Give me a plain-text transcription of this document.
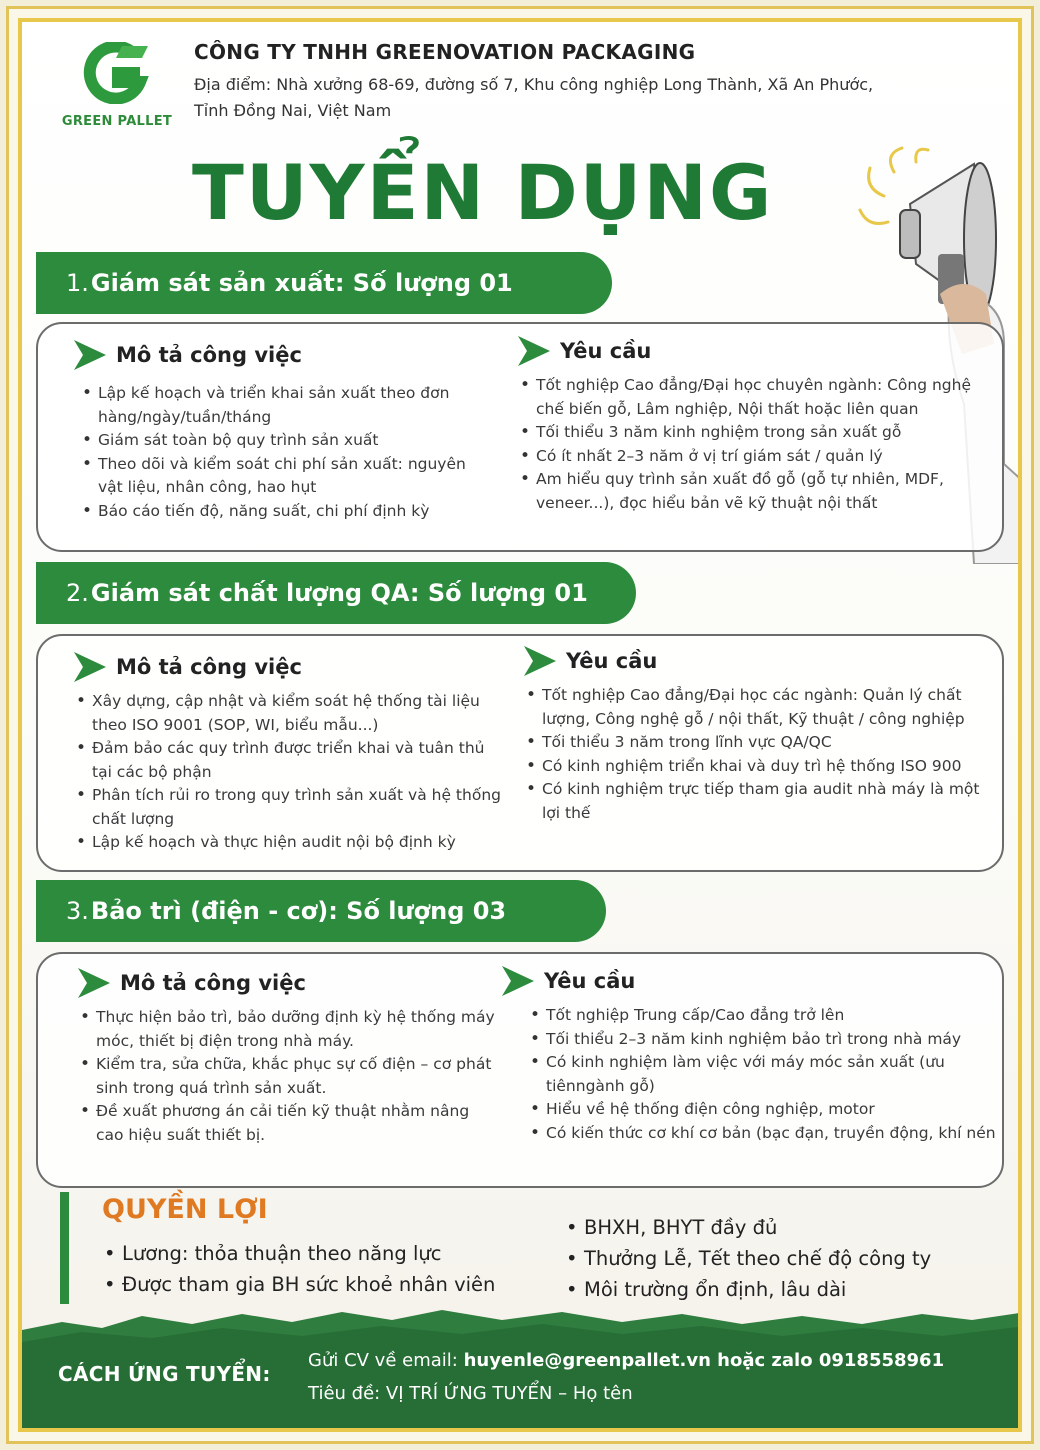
GREEN PALLET
CÔNG TY TNHH GREENOVATION PACKAGING
Địa điểm: Nhà xưởng 68-69, đường số 7, Khu công nghiệp Long Thành, Xã An Phước,
Tỉnh Đồng Nai, Việt Nam
TUYỂN DỤNG
1. Giám sát sản xuất: Số lượng 01
Mô tả công việc
• Lập kế hoạch và triển khai sản xuất theo đơn hàng/ngày/tuần/tháng
• Giám sát toàn bộ quy trình sản xuất
• Theo dõi và kiểm soát chi phí sản xuất: nguyên vật liệu, nhân công, hao hụt
• Báo cáo tiến độ, năng suất, chi phí định kỳ
Yêu cầu
• Tốt nghiệp Cao đẳng/Đại học chuyên ngành: Công nghệ chế biến gỗ, Lâm nghiệp, Nội thất hoặc liên quan
• Tối thiểu 3 năm kinh nghiệm trong sản xuất gỗ
• Có ít nhất 2–3 năm ở vị trí giám sát / quản lý
• Am hiểu quy trình sản xuất đồ gỗ (gỗ tự nhiên, MDF, veneer...), đọc hiểu bản vẽ kỹ thuật nội thất
2. Giám sát chất lượng QA: Số lượng 01
Mô tả công việc
• Xây dựng, cập nhật và kiểm soát hệ thống tài liệu theo ISO 9001 (SOP, WI, biểu mẫu...)
• Đảm bảo các quy trình được triển khai và tuân thủ tại các bộ phận
• Phân tích rủi ro trong quy trình sản xuất và hệ thống chất lượng
• Lập kế hoạch và thực hiện audit nội bộ định kỳ
Yêu cầu
• Tốt nghiệp Cao đẳng/Đại học các ngành: Quản lý chất lượng, Công nghệ gỗ / nội thất, Kỹ thuật / công nghiệp
• Tối thiểu 3 năm trong lĩnh vực QA/QC
• Có kinh nghiệm triển khai và duy trì hệ thống ISO 900
• Có kinh nghiệm trực tiếp tham gia audit nhà máy là một lợi thế
3. Bảo trì (điện - cơ): Số lượng 03
Mô tả công việc
• Thực hiện bảo trì, bảo dưỡng định kỳ hệ thống máy móc, thiết bị điện trong nhà máy.
• Kiểm tra, sửa chữa, khắc phục sự cố điện – cơ phát sinh trong quá trình sản xuất.
• Đề xuất phương án cải tiến kỹ thuật nhằm nâng cao hiệu suất thiết bị.
Yêu cầu
• Tốt nghiệp Trung cấp/Cao đẳng trở lên
• Tối thiểu 2–3 năm kinh nghiệm bảo trì trong nhà máy
• Có kinh nghiệm làm việc với máy móc sản xuất (ưu tiênngành gỗ)
• Hiểu về hệ thống điện công nghiệp, motor
• Có kiến thức cơ khí cơ bản (bạc đạn, truyền động, khí nén
QUYỀN LỢI
• Lương: thỏa thuận theo năng lực
• Được tham gia BH sức khoẻ nhân viên
• BHXH, BHYT đầy đủ
• Thưởng Lễ, Tết theo chế độ công ty
• Môi trường ổn định, lâu dài
CÁCH ỨNG TUYỂN:
Gửi CV về email: huyenle@greenpallet.vn hoặc zalo 0918558961
Tiêu đề: VỊ TRÍ ỨNG TUYỂN – Họ tên
